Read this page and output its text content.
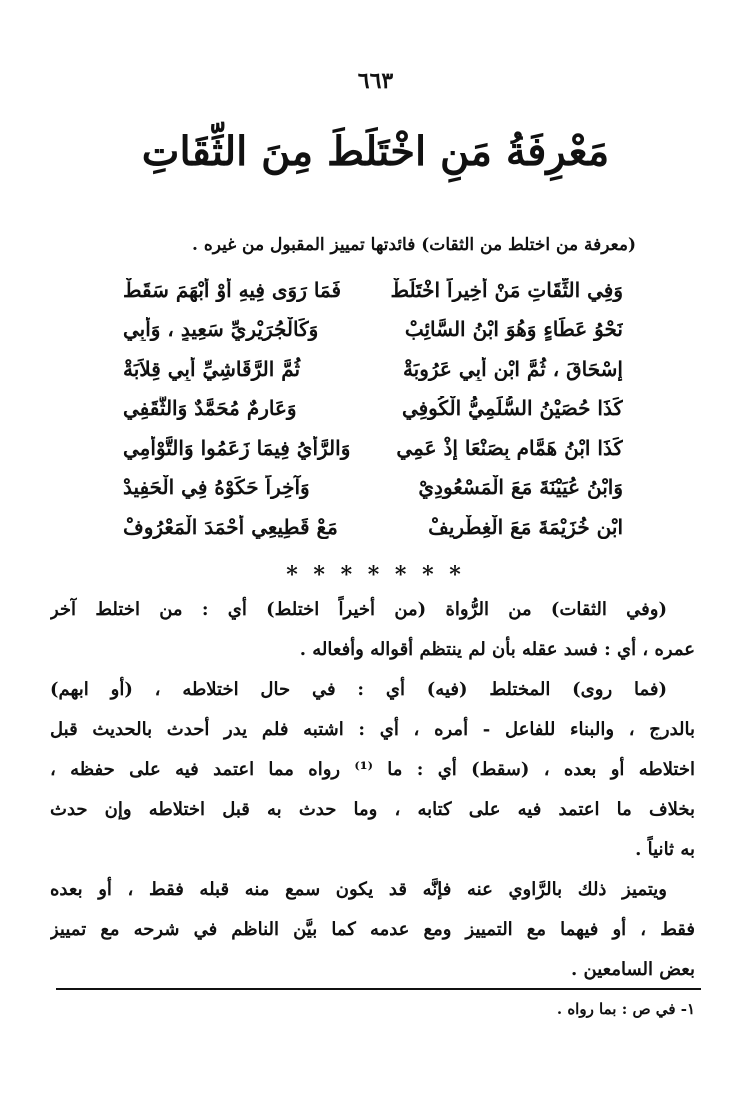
٦٦٣
مَعْرِفَةُ مَنِ اخْتَلَطَ مِنَ الثِّقَاتِ
(معرفة من اختلط من الثقات) فائدتها تمييز المقبول من غيره .
وَفِي الثِّقَاتِ مَنْ أَخِيراً اخْتَلَطْ
فَمَا رَوَى فِيهِ أَوْ أَبْهَمَ سَقَطْ
نَحْوُ عَطَاءٍ وَهُوَ ابْنُ السَّائِبْ
وَكَالْجُرَيْرِيِّ سَعِيدٍ ، وَأَبِي
إِسْحَاقَ ، ثُمَّ ابْنِ أَبِي عَرُوبَةْ
ثُمَّ الرَّقَاشِيِّ أَبِي قِلاَبَةْ
كَذَا حُصَيْنُ السُّلَمِيُّ الْكُوفِي
وَعَارِمٌ مُحَمَّدٌ وَالثَّقَفِي
كَذَا ابْنُ هَمَّامٍ بِصَنْعَا إِذْ عَمِي
وَالرَّأْيُ فِيمَا زَعَمُوا وَالتَّوْأَمِي
وَابْنُ عُيَيْنَةَ مَعَ الْمَسْعُودِيْ
وَآخِراً حَكَوْهُ فِي الْحَفِيدْ
ابْنِ خُزَيْمَةَ مَعَ الْغِطْرِيفْ
مَعْ قَطِيعِي أَحْمَدَ الْمَعْرُوفْ
* * * * * * *
(وفي الثقات) من الرُّواة (من أخيراً اختلط) أي : من اختلط آخر
عمره ، أي : فسد عقله بأن لم ينتظم أقواله وأفعاله .
(فما روى) المختلط (فيه) أي : في حال اختلاطه ، (أو ابهم)
بالدرج ، والبناء للفاعل - أمره ، أي : اشتبه فلم يدر أحدث بالحديث قبل
اختلاطه أو بعده ، (سقط) أي : ما ⁽¹⁾ رواه مما اعتمد فيه على حفظه ،
بخلاف ما اعتمد فيه على كتابه ، وما حدث به قبل اختلاطه وإن حدث
به ثانياً .
ويتميز ذلك بالرَّاوي عنه فإنَّه قد يكون سمع منه قبله فقط ، أو بعده
فقط ، أو فيهما مع التمييز ومع عدمه كما بيَّن الناظم في شرحه مع تمييز
بعض السامعين .
١- في ص : بما رواه .
